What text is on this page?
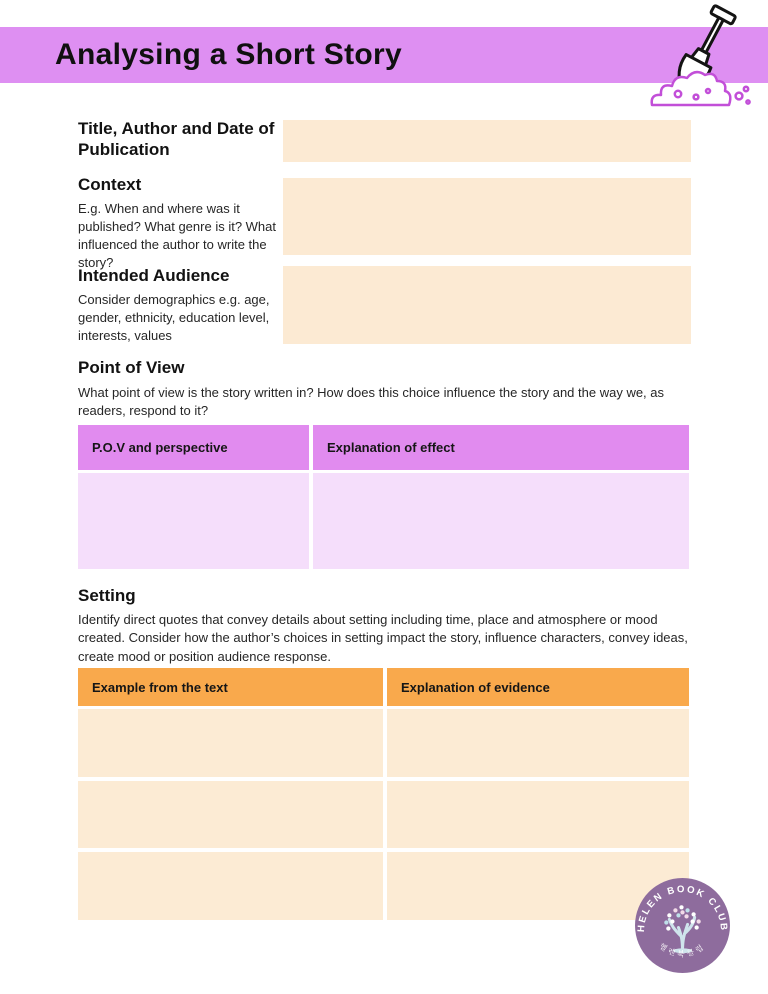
Analysing a Short Story
Title, Author and Date of Publication
Context
E.g. When and where was it published? What genre is it? What influenced the author to write the story?
Intended Audience
Consider demographics e.g. age, gender, ethnicity, education level, interests, values
Point of View
What point of view is the story written in? How does this choice influence the story and the way we, as readers, respond to it?
P.O.V and perspective	Explanation of effect
Setting
Identify direct quotes that convey details about setting including time, place and atmosphere or mood created. Consider how the author’s choices in setting impact the story, influence characters, convey ideas, create mood or position audience response.
Example from the text	Explanation of evidence
HELEN BOOK CLUB
헬렌북클럽
